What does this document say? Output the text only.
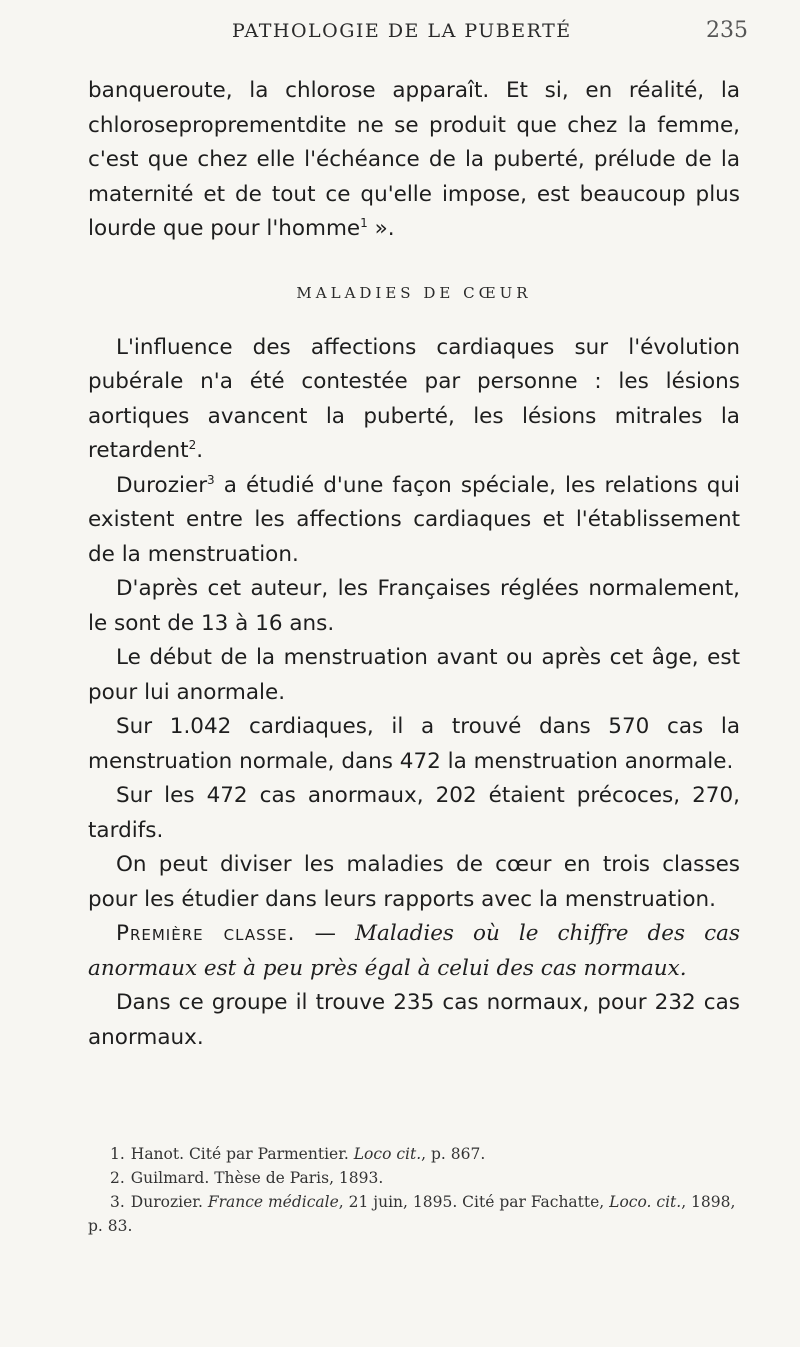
PATHOLOGIE DE LA PUBERTÉ	235

banqueroute, la chlorose apparaît. Et si, en réalité, la chloroseproprementdite ne se produit que chez la femme, c'est que chez elle l'échéance de la puberté, prélude de la maternité et de tout ce qu'elle impose, est beaucoup plus lourde que pour l'homme$^1$ ».

MALADIES DE CŒUR

L'influence des affections cardiaques sur l'évolution pubérale n'a été contestée par personne : les lésions aortiques avancent la puberté, les lésions mitrales la retardent$^2$.

Durozier$^3$ a étudié d'une façon spéciale, les relations qui existent entre les affections cardiaques et l'établissement de la menstruation.

D'après cet auteur, les Françaises réglées normalement, le sont de 13 à 16 ans.

Le début de la menstruation avant ou après cet âge, est pour lui anormale.

Sur 1.042 cardiaques, il a trouvé dans 570 cas la menstruation normale, dans 472 la menstruation anormale.

Sur les 472 cas anormaux, 202 étaient précoces, 270, tardifs.

On peut diviser les maladies de cœur en trois classes pour les étudier dans leurs rapports avec la menstruation.

Première classe. — Maladies où le chiffre des cas anormaux est à peu près égal à celui des cas normaux.

Dans ce groupe il trouve 235 cas normaux, pour 232 cas anormaux.

1. Hanot. Cité par Parmentier. Loco cit., p. 867.

2. Guilmard. Thèse de Paris, 1893.

3. Durozier. France médicale, 21 juin, 1895. Cité par Fachatte, Loco. cit., 1898, p. 83.
